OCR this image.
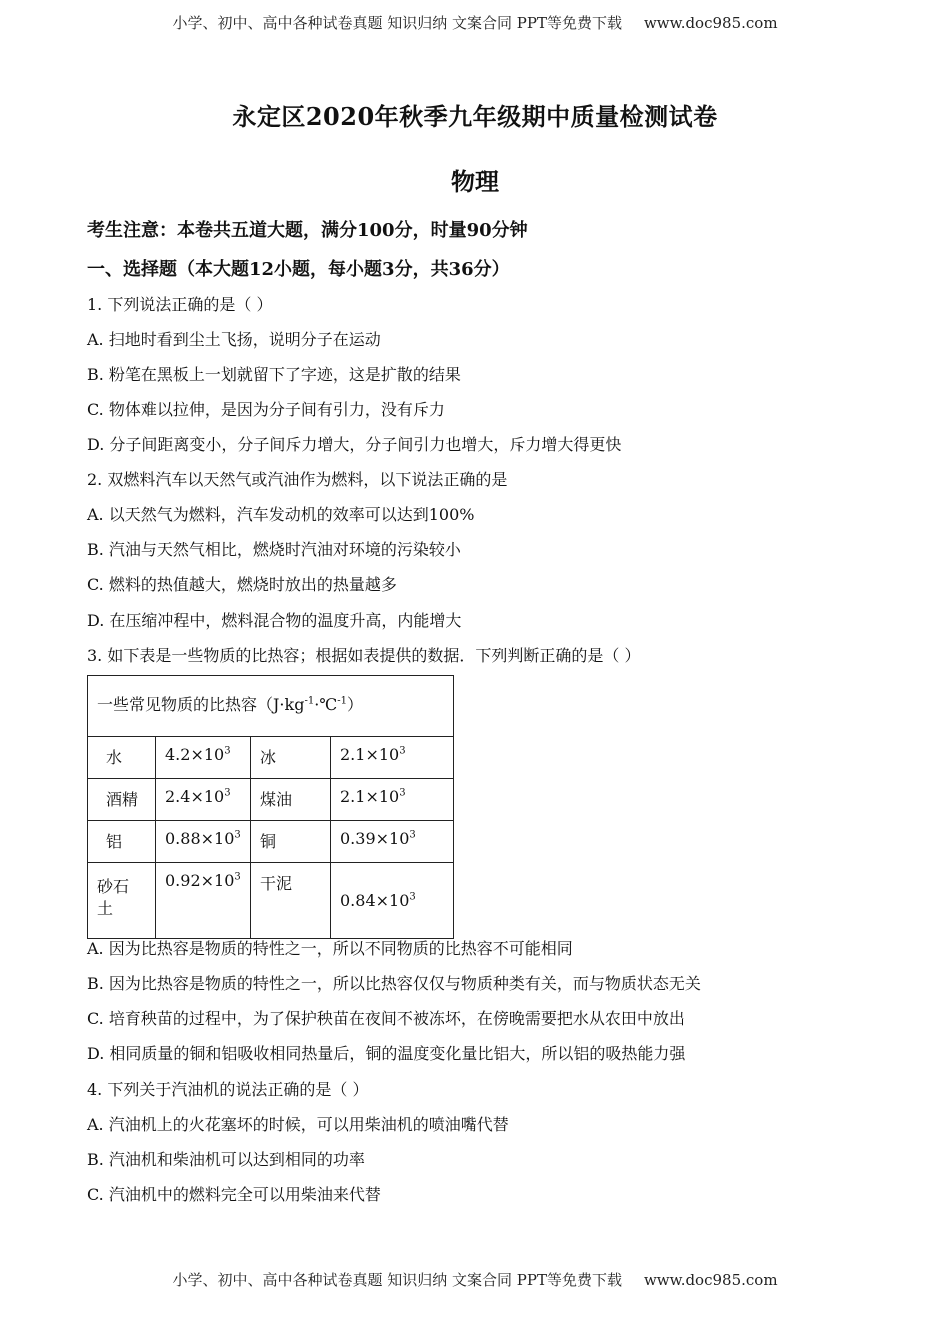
小学、初中、高中各种试卷真题 知识归纳 文案合同 PPT等免费下载 www.doc985.com
永定区2020年秋季九年级期中质量检测试卷
物理
考生注意：本卷共五道大题，满分100分，时量90分钟
一、选择题（本大题12小题，每小题3分，共36分）
1. 下列说法正确的是（ ）
A. 扫地时看到尘土飞扬，说明分子在运动
B. 粉笔在黑板上一划就留下了字迹，这是扩散的结果
C. 物体难以拉伸，是因为分子间有引力，没有斥力
D. 分子间距离变小，分子间斥力增大，分子间引力也增大，斥力增大得更快
2. 双燃料汽车以天然气或汽油作为燃料，以下说法正确的是
A. 以天然气为燃料，汽车发动机的效率可以达到100%
B. 汽油与天然气相比，燃烧时汽油对环境的污染较小
C. 燃料的热值越大，燃烧时放出的热量越多
D. 在压缩冲程中，燃料混合物的温度升高，内能增大
3. 如下表是一些物质的比热容；根据如表提供的数据．下列判断正确的是（ ）
一些常见物质的比热容$(J\cdot kg^{-1}\cdot℃^{-1})$			

水	$4.2\times 10^3$	冰	$2.1\times 10^3$

酒精	$2.4\times 10^3$	煤油	$2.1\times 10^3$

铝	$0.88\times 10^3$	铜	$0.39\times 10^3$

砂石土	$0.92\times 10^3$	干泥	$0.84\times 10^3$
A. 因为比热容是物质的特性之一，所以不同物质的比热容不可能相同
B. 因为比热容是物质的特性之一，所以比热容仅仅与物质种类有关，而与物质状态无关
C. 培育秧苗的过程中，为了保护秧苗在夜间不被冻坏，在傍晚需要把水从农田中放出
D. 相同质量的铜和铝吸收相同热量后，铜的温度变化量比铝大，所以铝的吸热能力强
4. 下列关于汽油机的说法正确的是（ ）
A. 汽油机上的火花塞坏的时候，可以用柴油机的喷油嘴代替
B. 汽油机和柴油机可以达到相同的功率
C. 汽油机中的燃料完全可以用柴油来代替
小学、初中、高中各种试卷真题 知识归纳 文案合同 PPT等免费下载 www.doc985.com
